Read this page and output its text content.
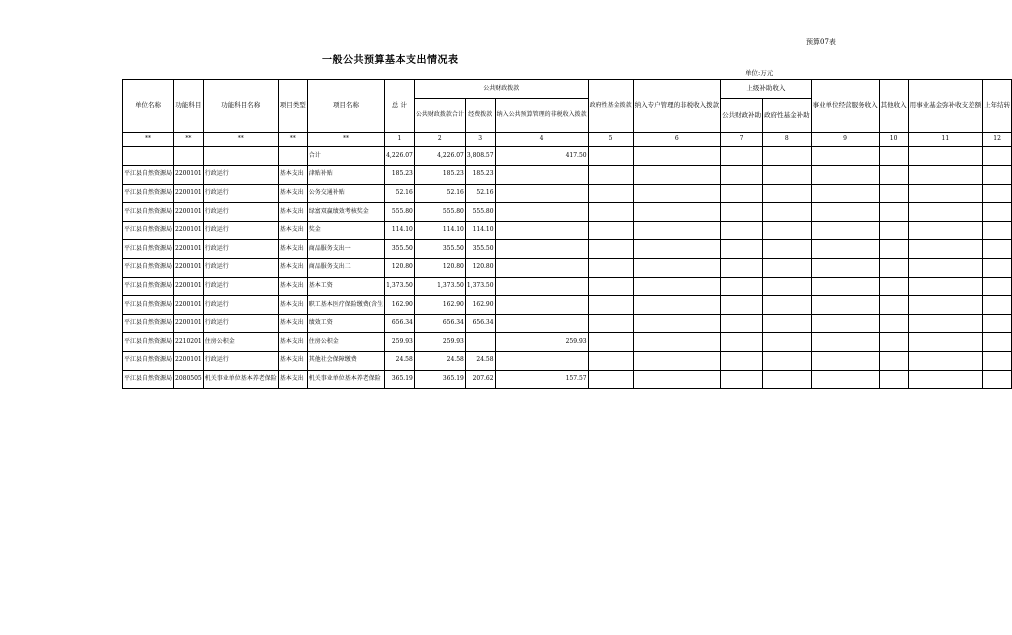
预算07表
一般公共预算基本支出情况表
单位:万元
单位名称	功能科目	功能科目名称	项目类型	项目名称	总 计	公共财政拨款			政府性基金拨款	纳入专户管理的非税收入拨款	上级补助收入		事业单位经营服务收入	其他收入	用事业基金弥补收支差额	上年结转
						公共财政拨款合计	经费拨款	纳入公共预算管理的非税收入拨款			公共财政补助	政府性基金补助				
**	**	**	**	**	1	2	3	4	5	6	7	8	9	10	11	12
				合计	4,226.07	4,226.07	3,808.57	417.50								
平江县自然资源局	2200101	行政运行	基本支出	津贴补贴	185.23	185.23	185.23									
平江县自然资源局	2200101	行政运行	基本支出	公务交通补贴	52.16	52.16	52.16									
平江县自然资源局	2200101	行政运行	基本支出	绿富双赢绩效考核奖金	555.80	555.80	555.80									
平江县自然资源局	2200101	行政运行	基本支出	奖金	114.10	114.10	114.10									
平江县自然资源局	2200101	行政运行	基本支出	商品服务支出一	355.50	355.50	355.50									
平江县自然资源局	2200101	行政运行	基本支出	商品服务支出二	120.80	120.80	120.80									
平江县自然资源局	2200101	行政运行	基本支出	基本工资	1,373.50	1,373.50	1,373.50									
平江县自然资源局	2200101	行政运行	基本支出	职工基本医疗保险缴费(含生	162.90	162.90	162.90									
平江县自然资源局	2200101	行政运行	基本支出	绩效工资	656.34	656.34	656.34									
平江县自然资源局	2210201	住房公积金	基本支出	住房公积金	259.93	259.93		259.93								
平江县自然资源局	2200101	行政运行	基本支出	其他社会保障缴费	24.58	24.58	24.58									
平江县自然资源局	2080505	机关事业单位基本养老保险	基本支出	机关事业单位基本养老保险	365.19	365.19	207.62	157.57								
